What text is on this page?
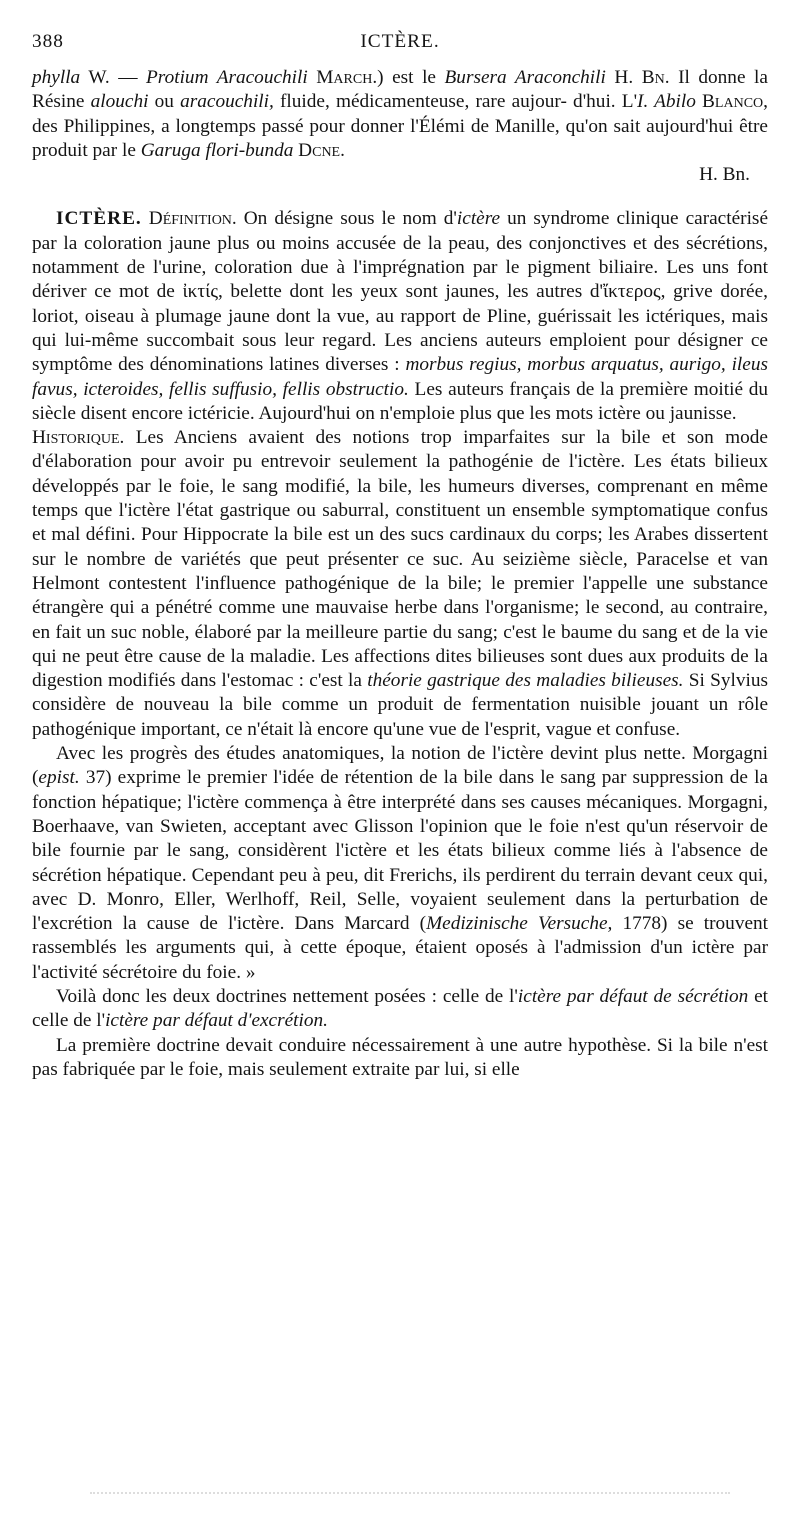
388	ICTÈRE.

phylla W. — Protium Aracouchili March.) est le Bursera Araconchili H. Bn. Il donne la Résine alouchi ou aracouchili, fluide, médicamenteuse, rare aujour- d'hui. L'I. Abilo Blanco, des Philippines, a longtemps passé pour donner l'Élémi de Manille, qu'on sait aujourd'hui être produit par le Garuga flori-bunda Dcne.

H. Bn.

ICTÈRE. Définition. On désigne sous le nom d'ictère un syndrome clinique caractérisé par la coloration jaune plus ou moins accusée de la peau, des conjonctives et des sécrétions, notamment de l'urine, coloration due à l'imprégnation par le pigment biliaire. Les uns font dériver ce mot de ἰκτίς, belette dont les yeux sont jaunes, les autres d'ἴκτερος, grive dorée, loriot, oiseau à plumage jaune dont la vue, au rapport de Pline, guérissait les ictériques, mais qui lui-même succombait sous leur regard. Les anciens auteurs emploient pour désigner ce symptôme des dénominations latines diverses : morbus regius, morbus arquatus, aurigo, ileus favus, icteroides, fellis suffusio, fellis obstructio. Les auteurs français de la première moitié du siècle disent encore ictéricie. Aujourd'hui on n'emploie plus que les mots ictère ou jaunisse.

Historique. Les Anciens avaient des notions trop imparfaites sur la bile et son mode d'élaboration pour avoir pu entrevoir seulement la pathogénie de l'ictère. Les états bilieux développés par le foie, le sang modifié, la bile, les humeurs diverses, comprenant en même temps que l'ictère l'état gastrique ou saburral, constituent un ensemble symptomatique confus et mal défini. Pour Hippocrate la bile est un des sucs cardinaux du corps; les Arabes dissertent sur le nombre de variétés que peut présenter ce suc. Au seizième siècle, Paracelse et van Helmont contestent l'influence pathogénique de la bile; le premier l'appelle une substance étrangère qui a pénétré comme une mauvaise herbe dans l'organisme; le second, au contraire, en fait un suc noble, élaboré par la meilleure partie du sang; c'est le baume du sang et de la vie qui ne peut être cause de la maladie. Les affections dites bilieuses sont dues aux produits de la digestion modifiés dans l'estomac : c'est la théorie gastrique des maladies bilieuses. Si Sylvius considère de nouveau la bile comme un produit de fermentation nuisible jouant un rôle pathogénique important, ce n'était là encore qu'une vue de l'esprit, vague et confuse.

Avec les progrès des études anatomiques, la notion de l'ictère devint plus nette. Morgagni (epist. 37) exprime le premier l'idée de rétention de la bile dans le sang par suppression de la fonction hépatique; l'ictère commença à être interprété dans ses causes mécaniques. Morgagni, Boerhaave, van Swieten, acceptant avec Glisson l'opinion que le foie n'est qu'un réservoir de bile fournie par le sang, considèrent l'ictère et les états bilieux comme liés à l'absence de sécrétion hépatique. Cependant peu à peu, dit Frerichs, ils perdirent du terrain devant ceux qui, avec D. Monro, Eller, Werlhoff, Reil, Selle, voyaient seulement dans la perturbation de l'excrétion la cause de l'ictère. Dans Marcard (Medizinische Versuche, 1778) se trouvent rassemblés les arguments qui, à cette époque, étaient oposés à l'admission d'un ictère par l'activité sécrétoire du foie. »

Voilà donc les deux doctrines nettement posées : celle de l'ictère par défaut de sécrétion et celle de l'ictère par défaut d'excrétion.

La première doctrine devait conduire nécessairement à une autre hypothèse. Si la bile n'est pas fabriquée par le foie, mais seulement extraite par lui, si elle
